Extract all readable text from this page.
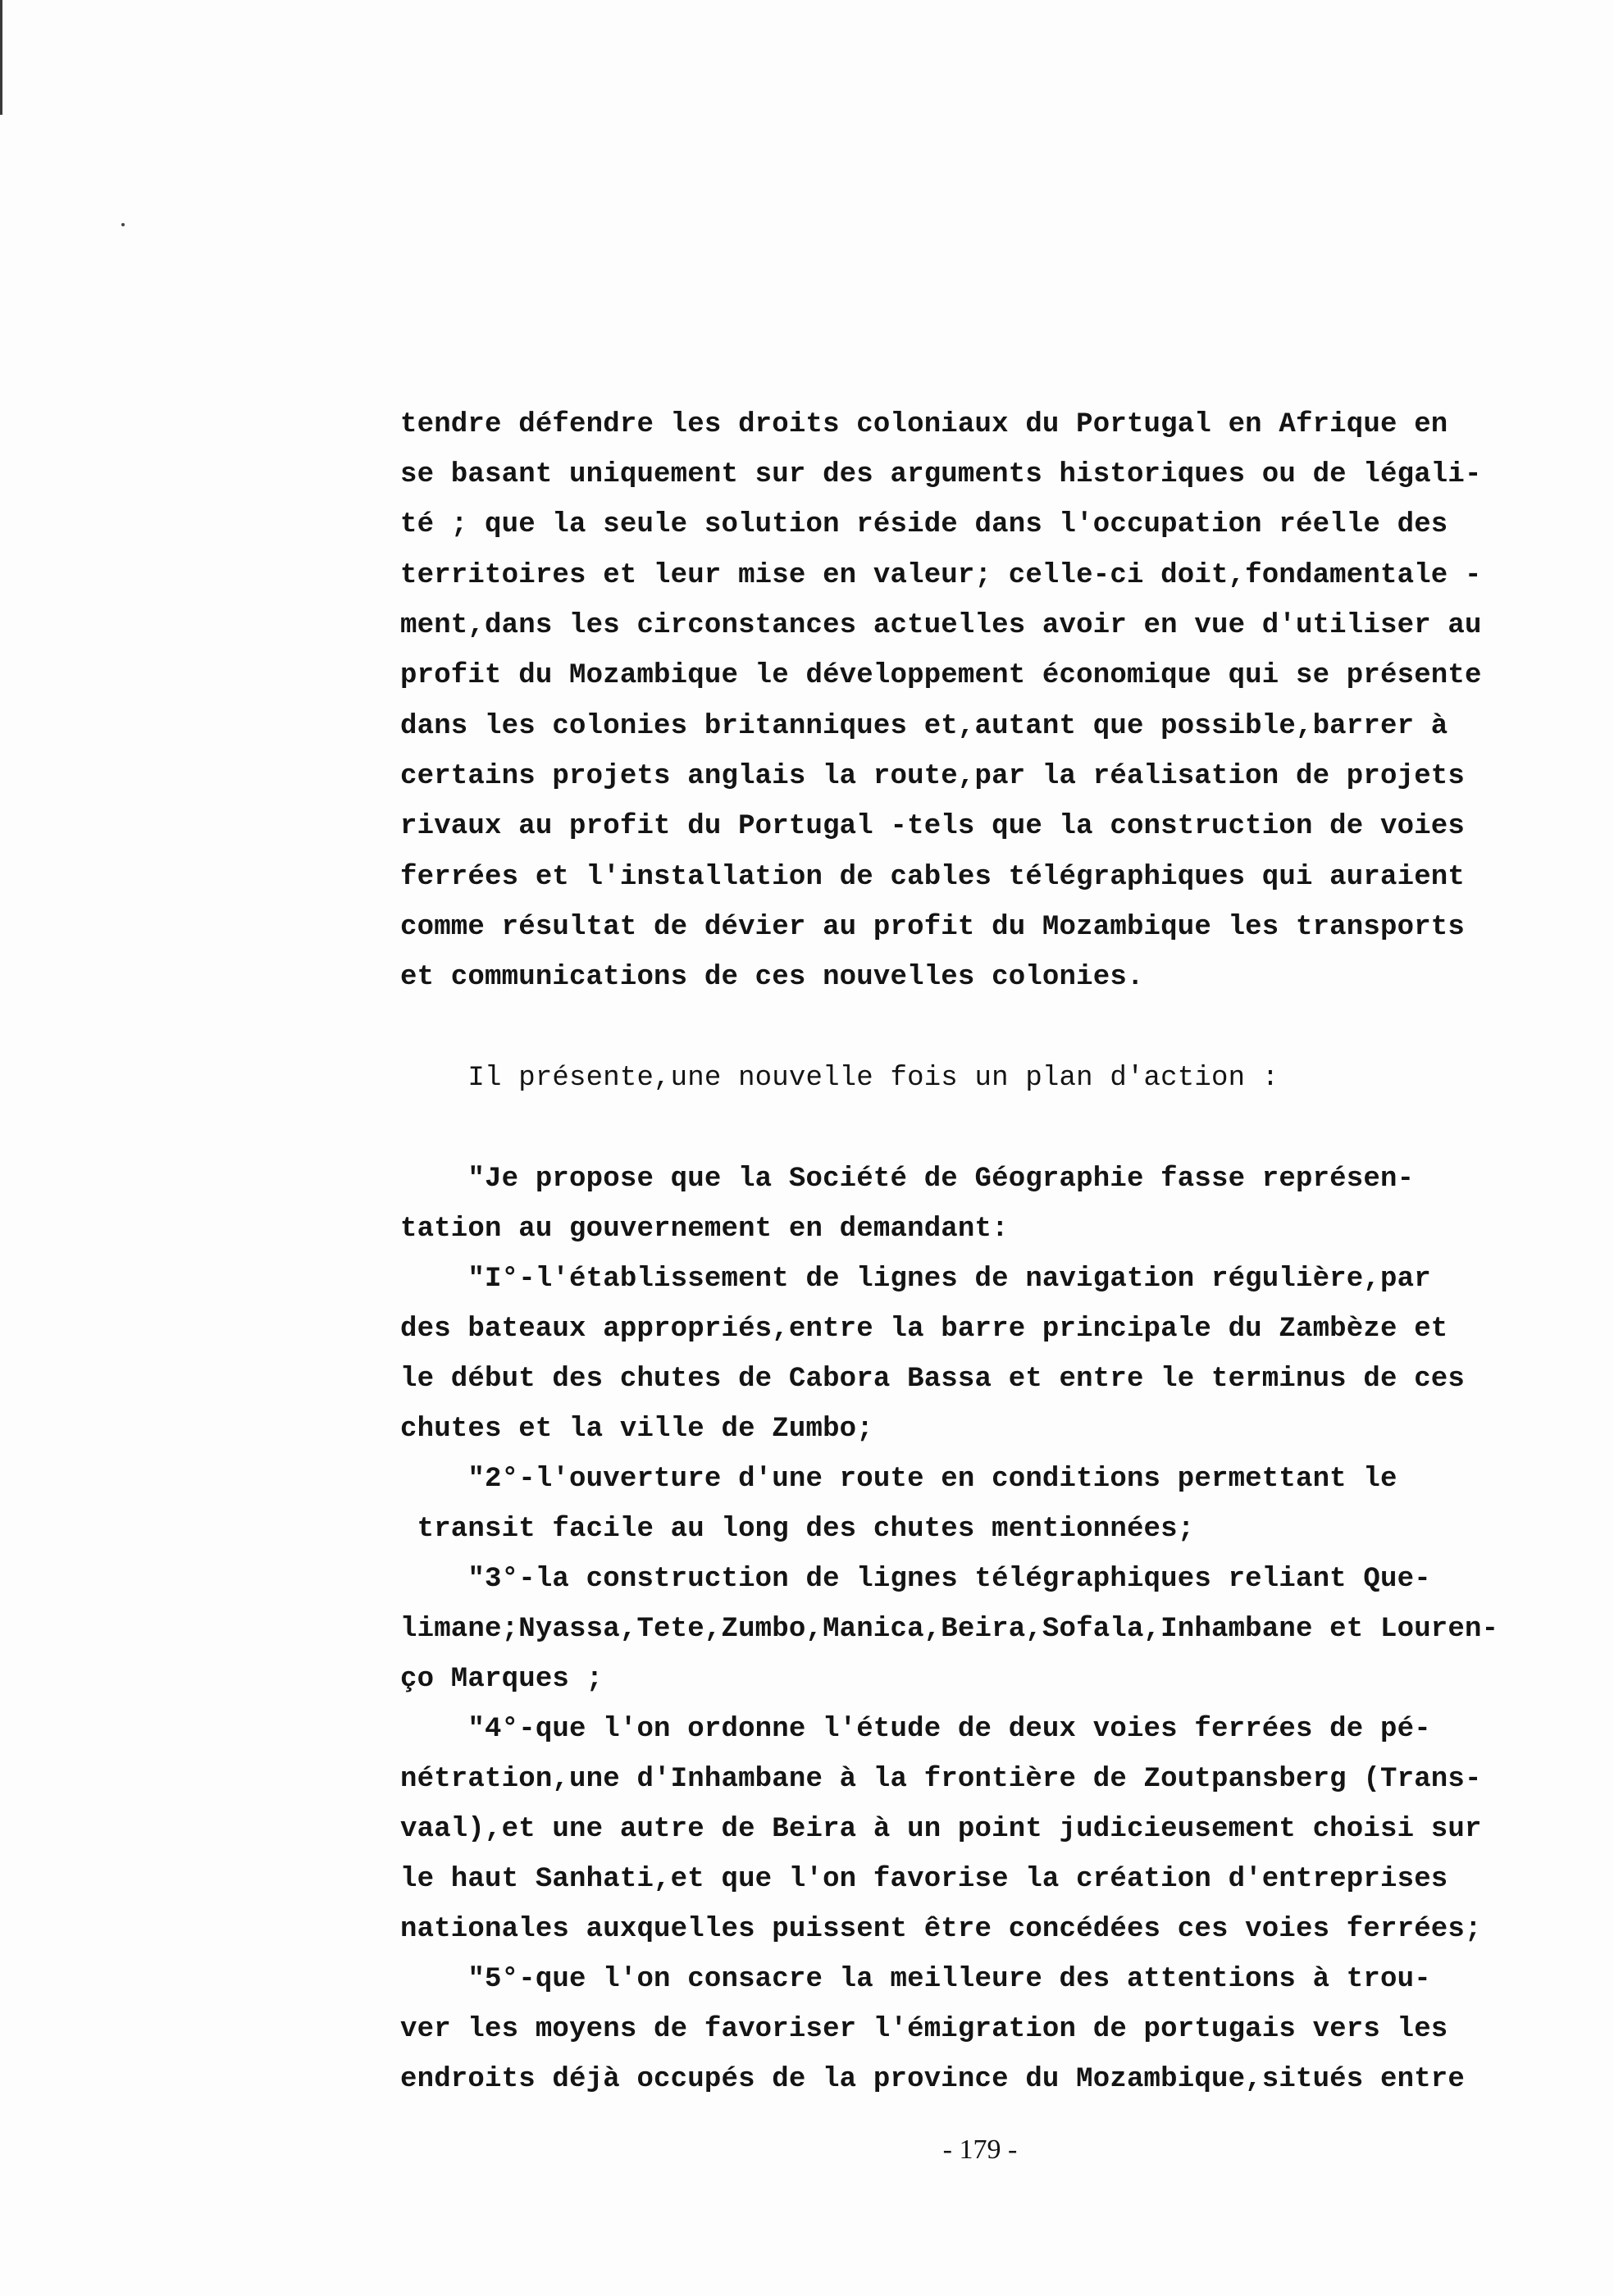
tendre défendre les droits coloniaux du Portugal en Afrique en
se basant uniquement sur des arguments historiques ou de légali-
té ; que la seule solution réside dans l'occupation réelle des
territoires et leur mise en valeur; celle-ci doit,fondamentale -
ment,dans les circonstances actuelles avoir en vue d'utiliser au
profit du Mozambique le développement économique qui se présente
dans les colonies britanniques et,autant que possible,barrer à
certains projets anglais la route,par la réalisation de projets
rivaux au profit du Portugal -tels que la construction de voies
ferrées et l'installation de cables télégraphiques qui auraient
comme résultat de dévier au profit du Mozambique les transports
et communications de ces nouvelles colonies.
Il présente,une nouvelle fois un plan d'action :
"Je propose que la Société de Géographie fasse représen-
tation au gouvernement en demandant:
"I°-l'établissement de lignes de navigation régulière,par
des bateaux appropriés,entre la barre principale du Zambèze et
le début des chutes de Cabora Bassa et entre le terminus de ces
chutes et la ville de Zumbo;
"2°-l'ouverture d'une route en conditions permettant le
transit facile au long des chutes mentionnées;
"3°-la construction de lignes télégraphiques reliant Que-
limane;Nyassa,Tete,Zumbo,Manica,Beira,Sofala,Inhambane et Louren-
ço Marques ;
"4°-que l'on ordonne l'étude de deux voies ferrées de pé-
nétration,une d'Inhambane à la frontière de Zoutpansberg (Trans-
vaal),et une autre de Beira à un point judicieusement choisi sur
le haut Sanhati,et que l'on favorise la création d'entreprises
nationales auxquelles puissent être concédées ces voies ferrées;
"5°-que l'on consacre la meilleure des attentions à trou-
ver les moyens de favoriser l'émigration de portugais vers les
endroits déjà occupés de la province du Mozambique,situés entre
- 179 -
